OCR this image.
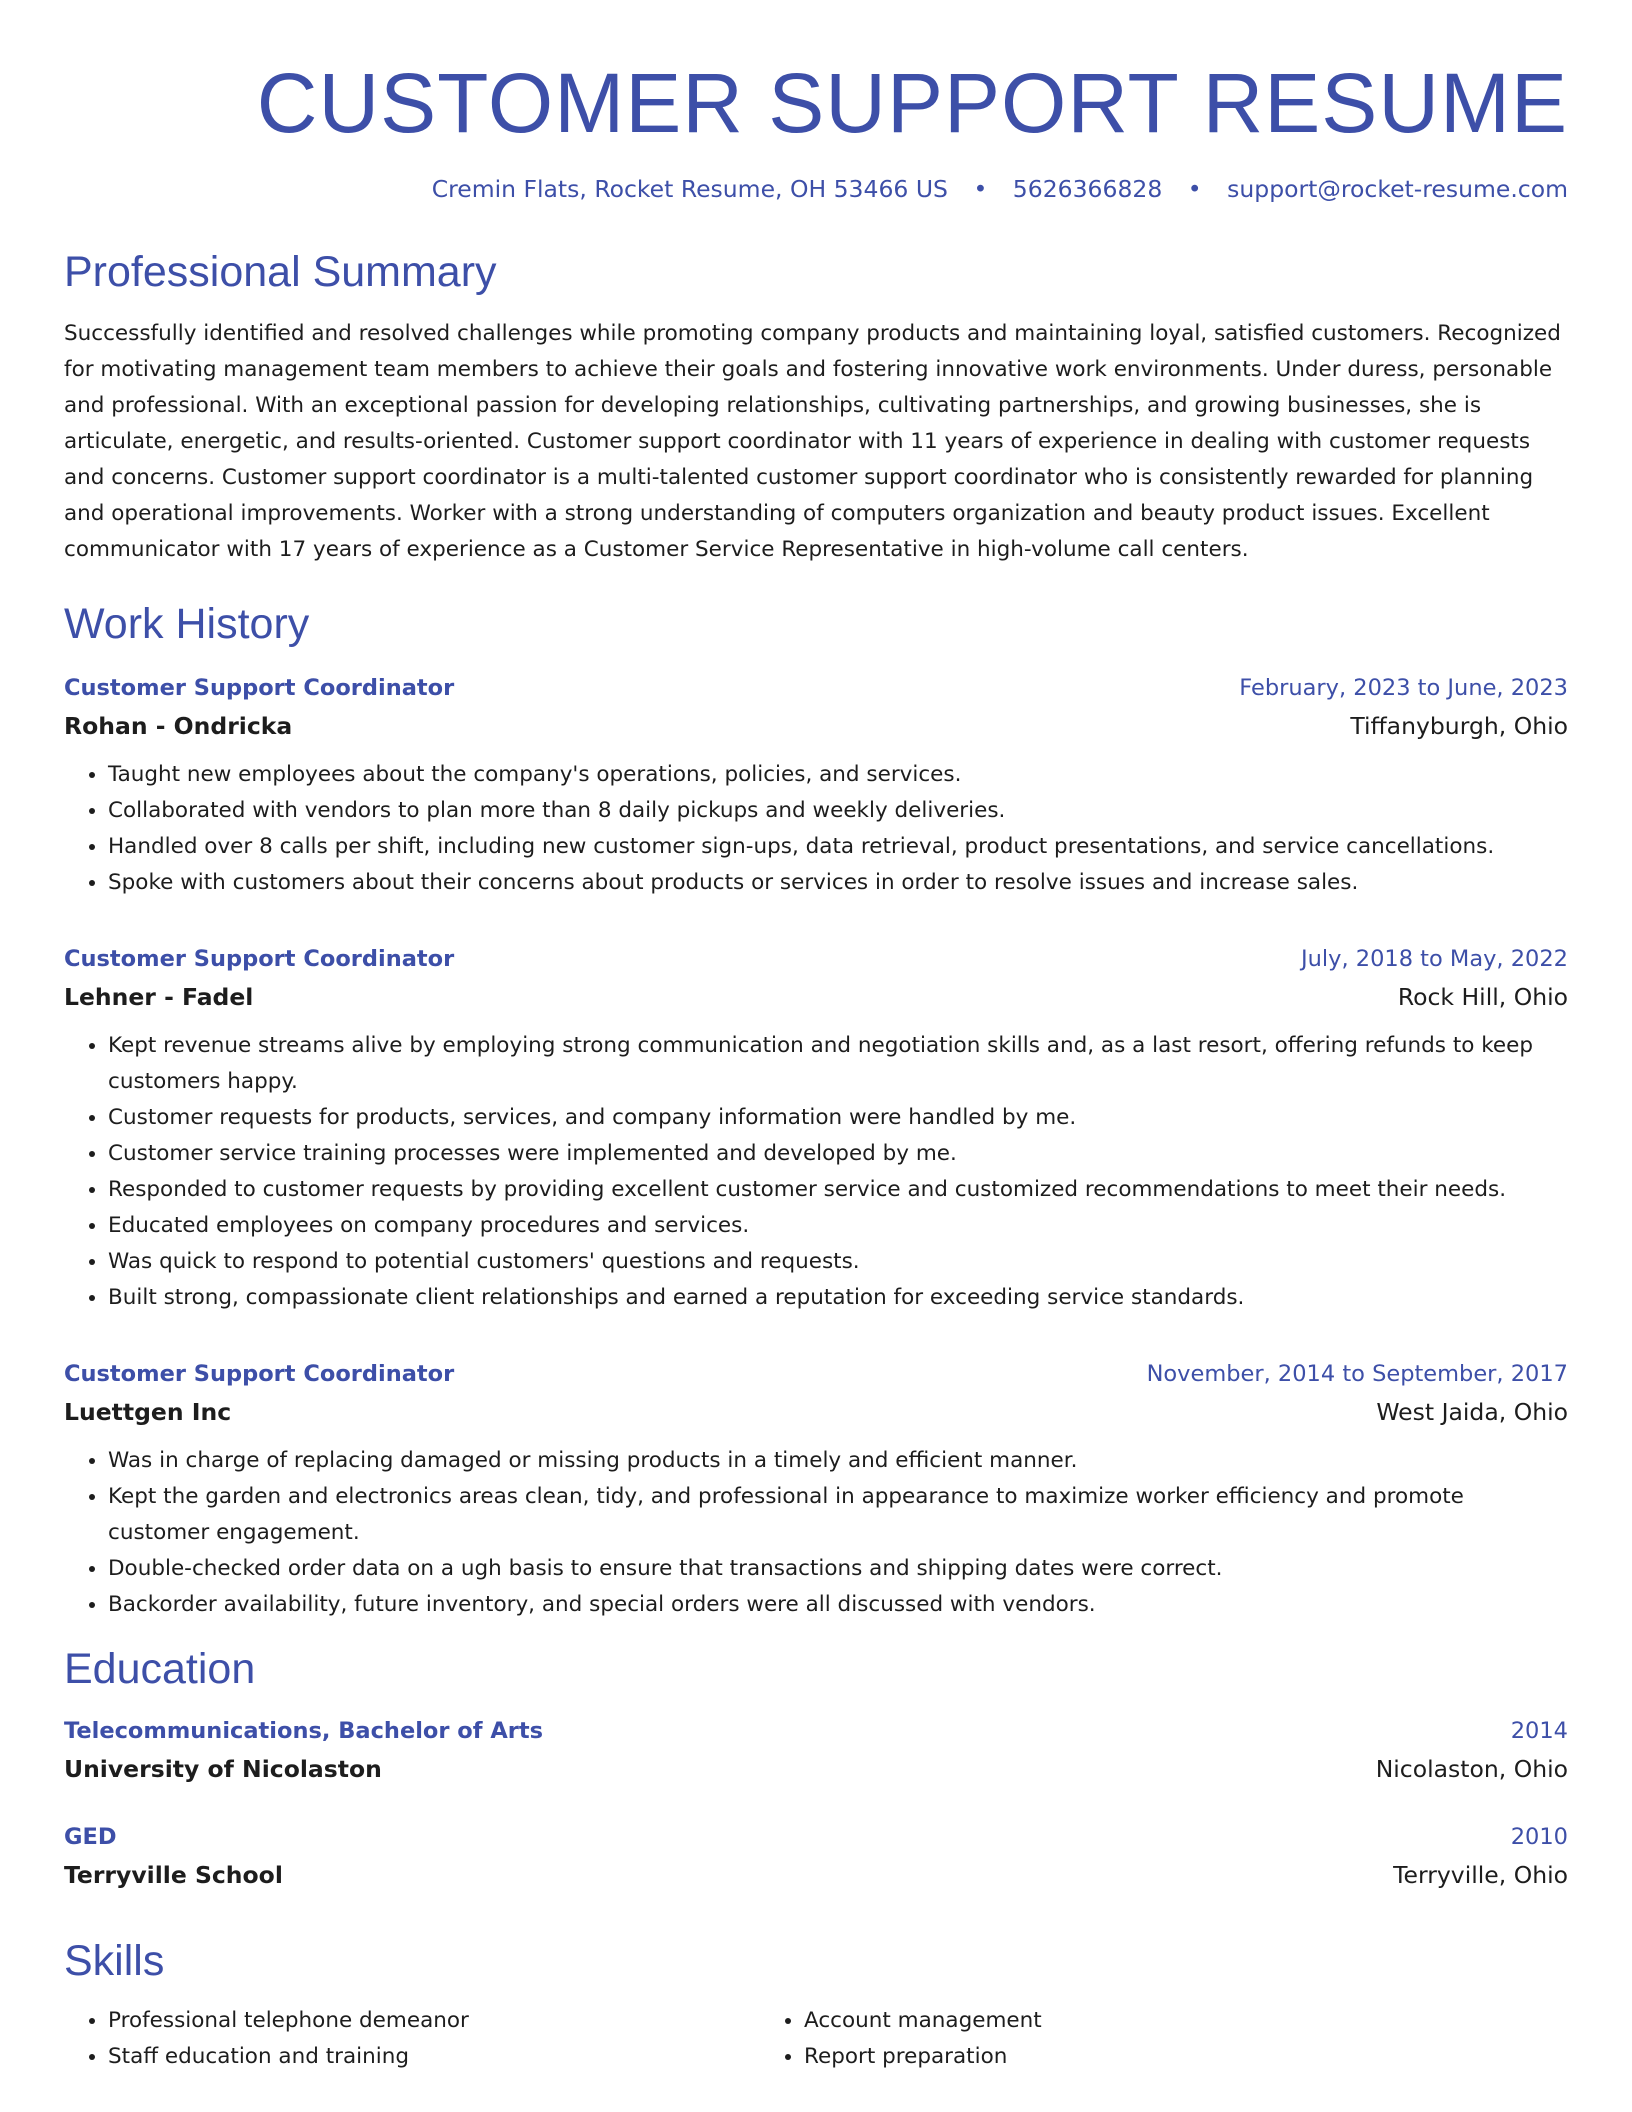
CUSTOMER SUPPORT RESUME
Cremin Flats, Rocket Resume, OH 53466 US • 5626366828 • support@rocket-resume.com
Professional Summary

Successfully identified and resolved challenges while promoting company products and maintaining loyal, satisfied customers. Recognized for motivating management team members to achieve their goals and fostering innovative work environments. Under duress, personable and professional. With an exceptional passion for developing relationships, cultivating partnerships, and growing businesses, she is articulate, energetic, and results-oriented. Customer support coordinator with 11 years of experience in dealing with customer requests and concerns. Customer support coordinator is a multi-talented customer support coordinator who is consistently rewarded for planning and operational improvements. Worker with a strong understanding of computers organization and beauty product issues. Excellent communicator with 17 years of experience as a Customer Service Representative in high-volume call centers.

Work History
Customer Support Coordinator	February, 2023 to June, 2023
Rohan - Ondricka	Tiffanyburgh, Ohio
• Taught new employees about the company's operations, policies, and services.
• Collaborated with vendors to plan more than 8 daily pickups and weekly deliveries.
• Handled over 8 calls per shift, including new customer sign-ups, data retrieval, product presentations, and service cancellations.
• Spoke with customers about their concerns about products or services in order to resolve issues and increase sales.
Customer Support Coordinator	July, 2018 to May, 2022
Lehner - Fadel	Rock Hill, Ohio
• Kept revenue streams alive by employing strong communication and negotiation skills and, as a last resort, offering refunds to keep customers happy.
• Customer requests for products, services, and company information were handled by me.
• Customer service training processes were implemented and developed by me.
• Responded to customer requests by providing excellent customer service and customized recommendations to meet their needs.
• Educated employees on company procedures and services.
• Was quick to respond to potential customers' questions and requests.
• Built strong, compassionate client relationships and earned a reputation for exceeding service standards.
Customer Support Coordinator	November, 2014 to September, 2017
Luettgen Inc	West Jaida, Ohio
• Was in charge of replacing damaged or missing products in a timely and efficient manner.
• Kept the garden and electronics areas clean, tidy, and professional in appearance to maximize worker efficiency and promote customer engagement.
• Double-checked order data on a ugh basis to ensure that transactions and shipping dates were correct.
• Backorder availability, future inventory, and special orders were all discussed with vendors.
Education
Telecommunications, Bachelor of Arts	2014
University of Nicolaston	Nicolaston, Ohio
GED	2010
Terryville School	Terryville, Ohio
Skills
• Professional telephone demeanor
• Staff education and training
• Account management
• Report preparation
